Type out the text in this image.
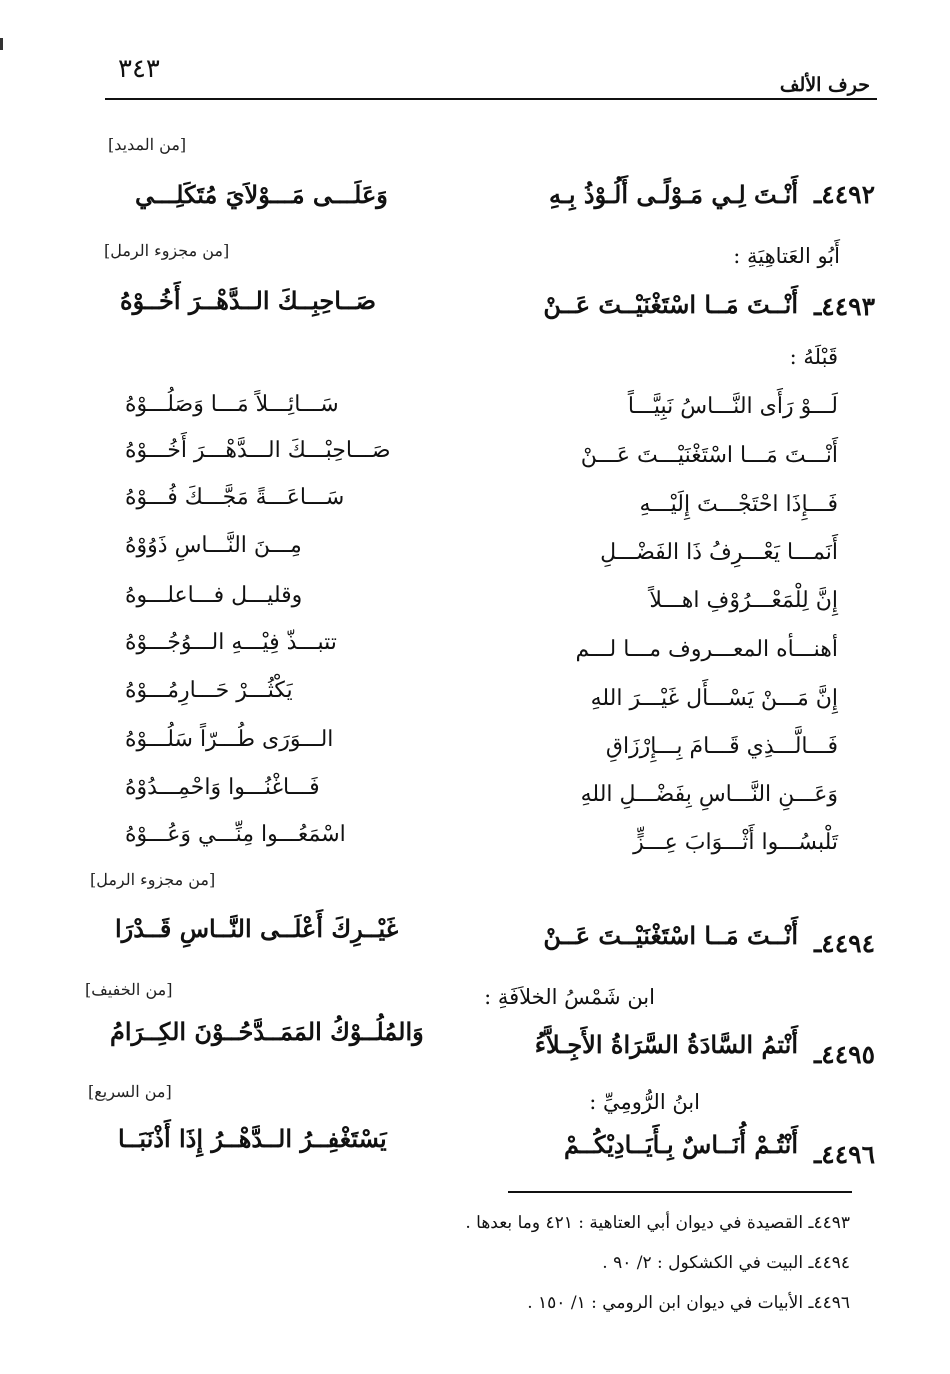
حرف الألف
٣٤٣
[من المديد]
٤٤٩٢ـ
أَنْـتَ لِـي مَـوْلًـى أَلُـوْذُ بِـهِ
وَعَلَـــى مَـــوْلاَيَ مُتَكَلِـــي
أَبُو العَتاهِيَةِ :
[من مجزوء الرمل]
٤٤٩٣ـ
أَنْــتَ مَــا اسْتَغْنَيْــتَ عَــنْ
صَــاحِبِــكَ الــدَّهْــرَ أَخُــوْهُ
قَبْلَهُ :
لَـــوْ رَأَى النَّـــاسُ نَبِيَّـــاً
سَـــائِـــلاً مَـــا وَصَلُـــوْهُ
أَنْـــتَ مَـــا اسْتَغْنَيْـــتَ عَـــنْ
صَـــاحِبْـــكَ الـــدَّهْـــرَ أَخُـــوْهُ
فَـــإِذَا احْتَجْـــتَ إِلَيْـــهِ
سَـــاعَـــةً مَجَّـــكَ فُـــوْهُ
أَنَمـــا يَعْـــرِفُ ذَا الفَضْـــلِ
مِـــنَ النَّـــاسِ ذَوُوْهُ
إِنَّ لِلْمَعْـــرُوْفِ اهـــلاً
وقليـــل فـــاعلـــوهُ
أهنـــأه المعـــروف مـــا لـــم
تتبـــذّ فِيْـــهِ الـــوُجُـــوْهُ
إِنَّ مَـــنْ يَسْـــأَل غَيْـــرَ اللهِ
يَكْثُـــرْ حَـــارِمُـــوْهُ
فَـــالَّـــذِي قَـــامَ بِـــإِرْزَاقِ
الـــوَرَى طُـــرّاً سَلُـــوْهُ
وَعَـــنِ النَّـــاسِ بِفَضْـــلِ اللهِ
فَـــاغْنُـــوا وَاحْمِـــدُوْهُ
تَلْبسُـــوا أَثْـــوَابَ عِـــزٍّ
اسْمَعُـــوا مِنِّـــي وَعُـــوْهُ
[من مجزوء الرمل]
٤٤٩٤ـ
أَنْــتَ مَــا اسْتَغْنَيْــتَ عَــنْ
غَيْــرِكَ أَعْلَــى النَّــاسِ قَــدْرَا
ابن شَمْسُ الخلاَفَةِ :
[من الخفيف]
٤٤٩٥ـ
أَنْتمُ السَّادَةُ السَّرَاةُ الأَجِـلاَّءُ
وَالمُلُــوْكُ المَمَــدَّحُــوْنَ الكِــرَامُ
ابنُ الرُّومِيِّ :
[من السريع]
٤٤٩٦ـ
أَنْتُـمْ أُنَــاسٌ بِـأَيَــادِيْكُــمْ
يَسْتَغْفِــرُ الــدَّهْــرُ إِذَا أَذْنَبَــا
٤٤٩٣ـ القصيدة في ديوان أبي العتاهية : ٤٢١ وما بعدها .
٤٤٩٤ـ البيت في الكشكول : ٢/ ٩٠ .
٤٤٩٦ـ الأبيات في ديوان ابن الرومي : ١/ ١٥٠ .
